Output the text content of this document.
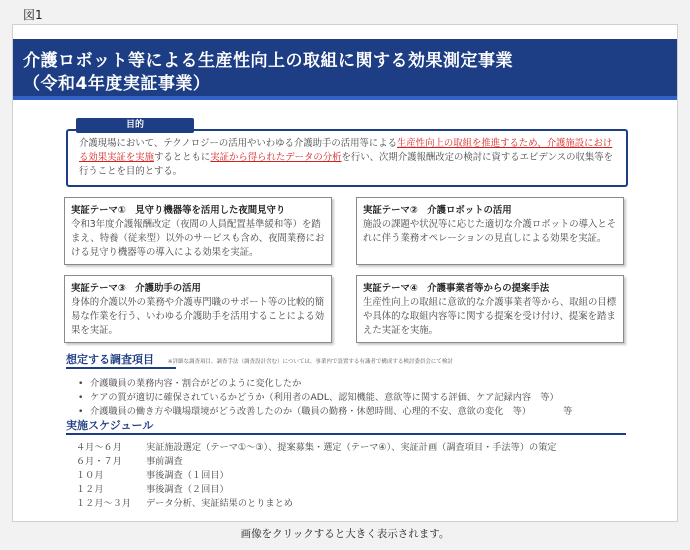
図1
介護ロボット等による生産性向上の取組に関する効果測定事業
（令和4年度実証事業）
目的
介護現場において、テクノロジーの活用やいわゆる介護助手の活用等による生産性向上の取組を推進するため、介護施設における効果実証を実施するとともに実証から得られたデータの分析を行い、次期介護報酬改定の検討に資するエビデンスの収集等を行うことを目的とする。
実証テーマ①　見守り機器等を活用した夜間見守り
令和3年度介護報酬改定（夜間の人員配置基準緩和等）を踏まえ、特養（従来型）以外のサービスも含め、夜間業務における見守り機器等の導入による効果を実証。
実証テーマ②　介護ロボットの活用
施設の課題や状況等に応じた適切な介護ロボットの導入とそれに伴う業務オペレーションの見直しによる効果を実証。
実証テーマ③　介護助手の活用
身体的介護以外の業務や介護専門職のサポート等の比較的簡易な作業を行う、いわゆる介護助手を活用することによる効果を実証。
実証テーマ④　介護事業者等からの提案手法
生産性向上の取組に意欲的な介護事業者等から、取組の目標や具体的な取組内容等に関する提案を受け付け、提案を踏まえた実証を実施。
想定する調査項目	※詳細な調査項目、調査手法（調査設計含む）については、事業内で設置する有識者で構成する検討委員会にて検討
• 介護職員の業務内容・割合がどのように変化したか
• ケアの質が適切に確保されているかどうか（利用者のADL、認知機能、意欲等に関する評価、ケア記録内容　等）
• 介護職員の働き方や職場環境がどう改善したのか（職員の勤務・休憩時間、心理的不安、意欲の変化　等）　　　　等
実施スケジュール
４月～６月	実証施設選定（テーマ①～③）、提案募集・選定（テーマ④）、実証計画（調査項目・手法等）の策定
６月・７月	事前調査
１０月	事後調査（１回目）
１２月	事後調査（２回目）
１２月～３月 データ分析、実証結果のとりまとめ
画像をクリックすると大きく表示されます。
